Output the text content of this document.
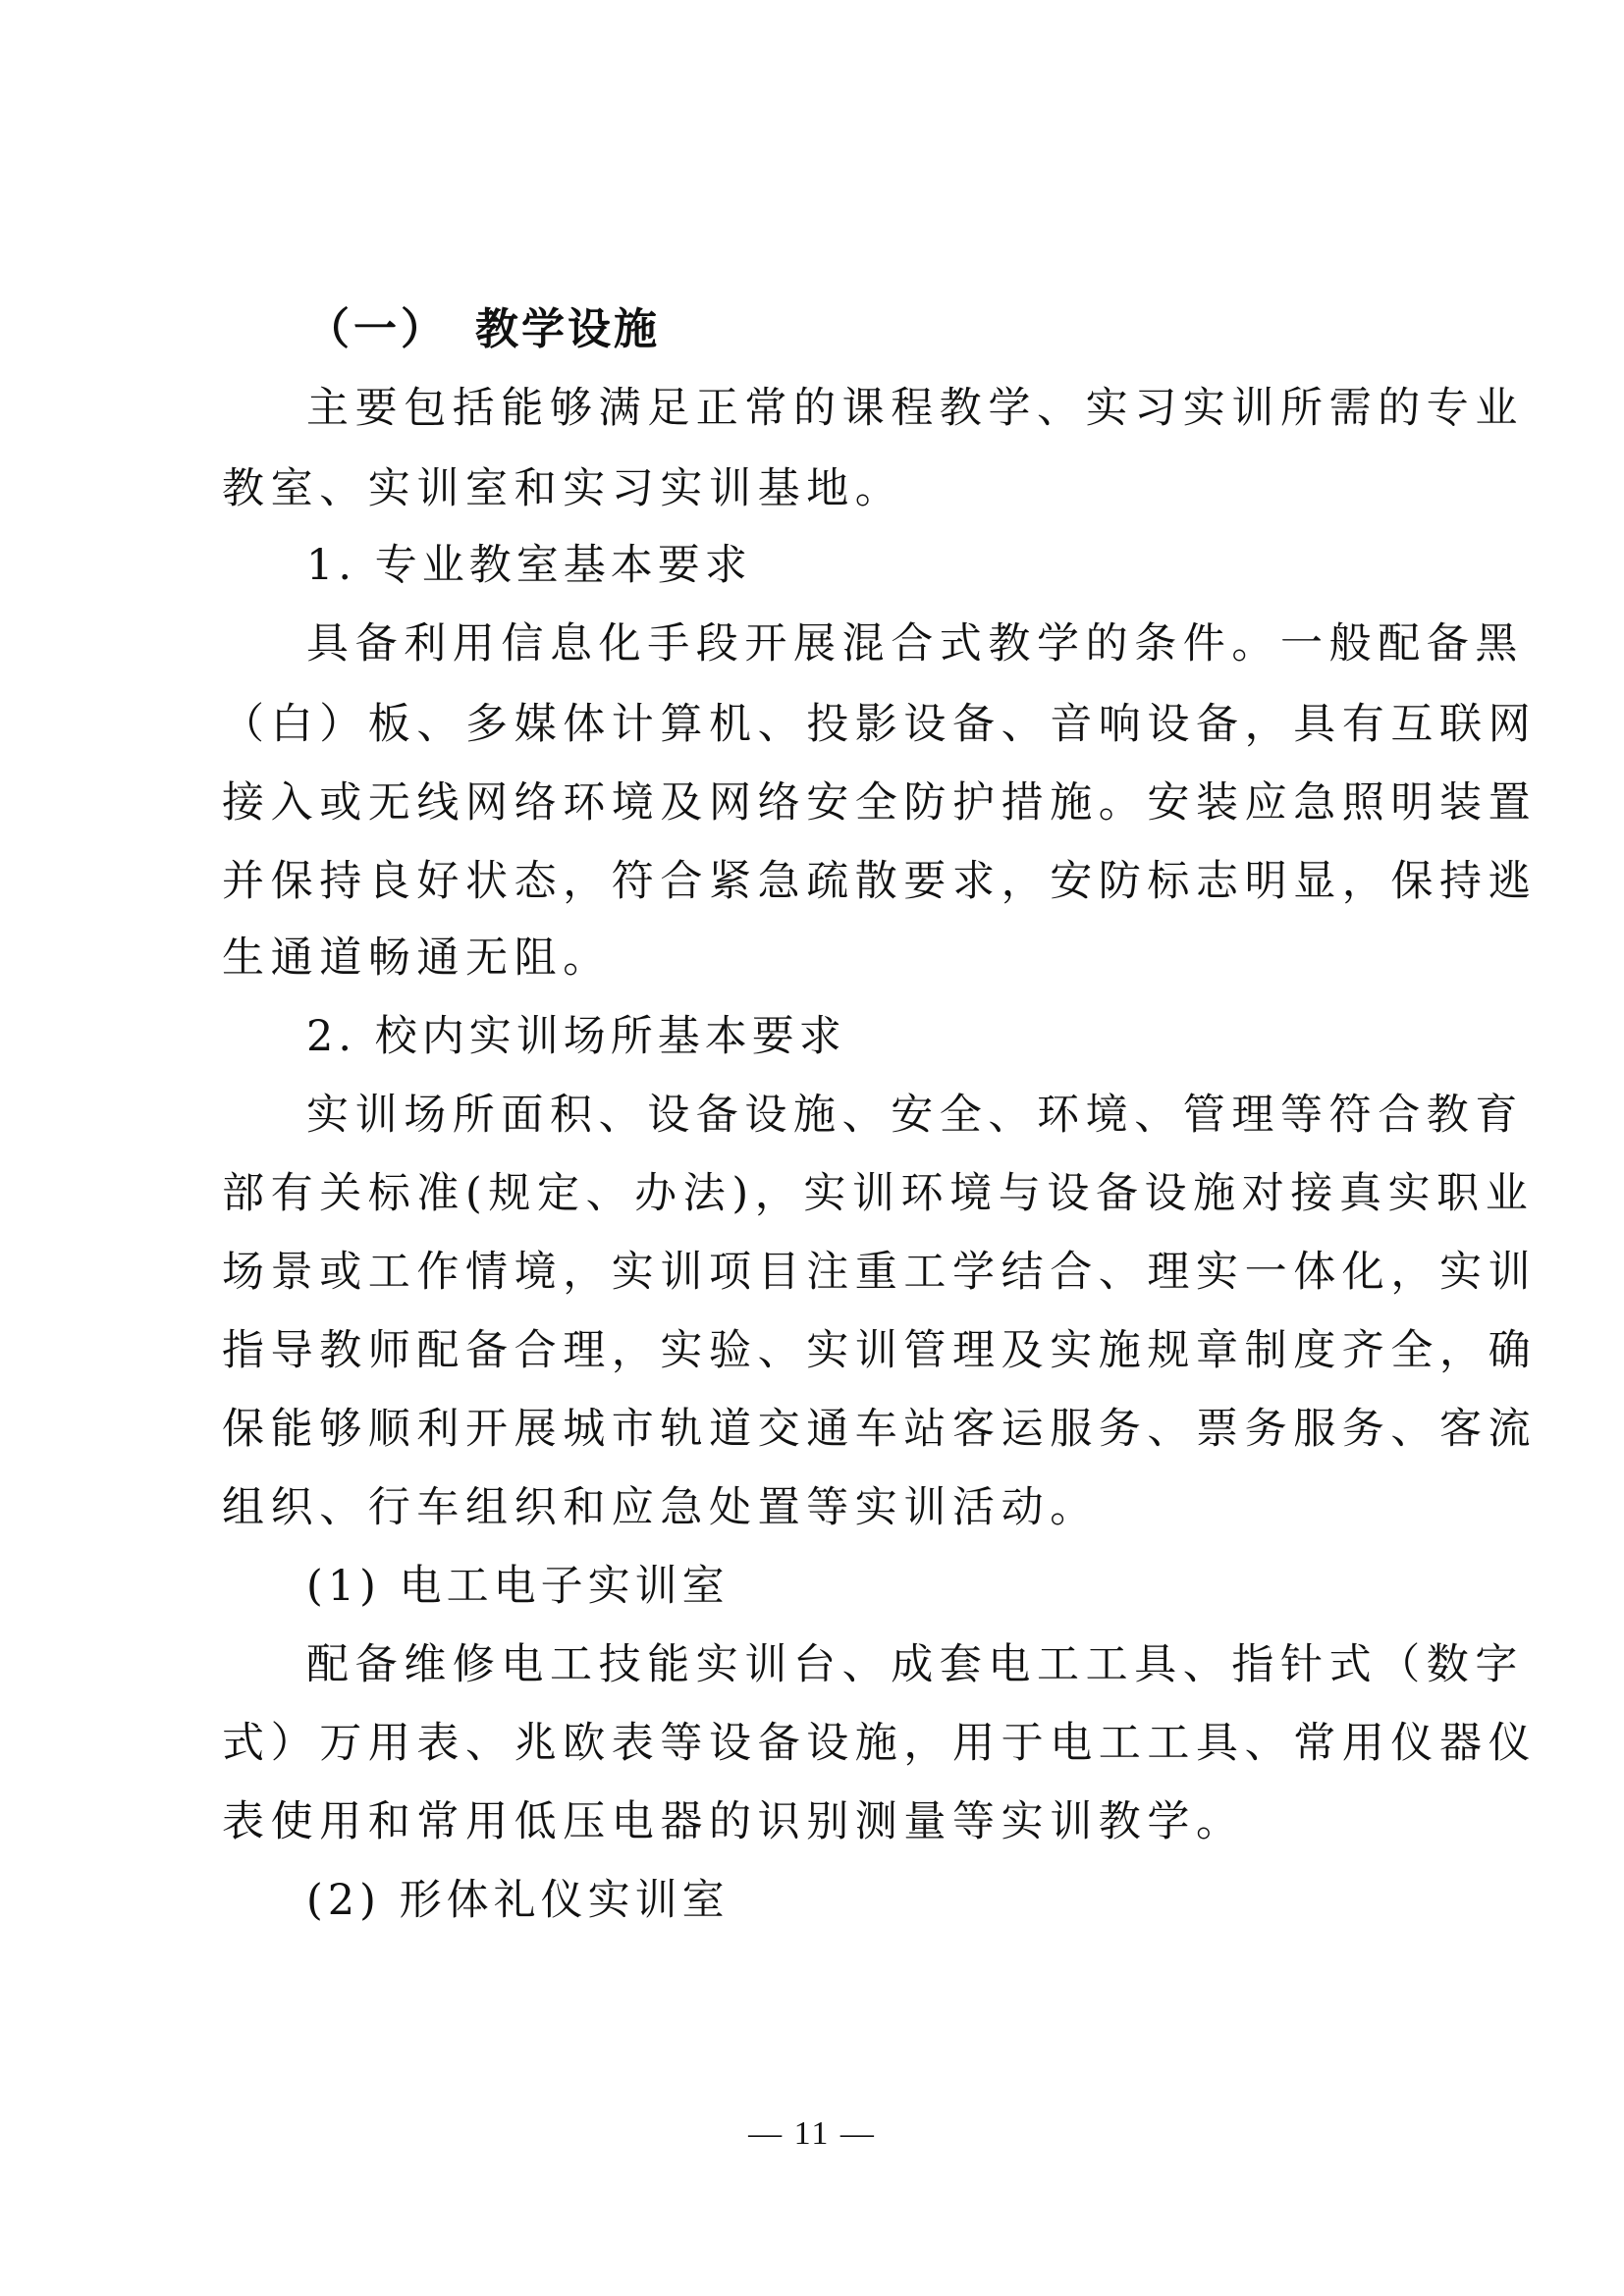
（一） 教学设施
主要包括能够满足正常的课程教学、实习实训所需的专业
教室、实训室和实习实训基地。
1. 专业教室基本要求
具备利用信息化手段开展混合式教学的条件。一般配备黑
（白）板、多媒体计算机、投影设备、音响设备，具有互联网
接入或无线网络环境及网络安全防护措施。安装应急照明装置
并保持良好状态，符合紧急疏散要求，安防标志明显，保持逃
生通道畅通无阻。
2. 校内实训场所基本要求
实训场所面积、设备设施、安全、环境、管理等符合教育
部有关标准(规定、办法)，实训环境与设备设施对接真实职业
场景或工作情境，实训项目注重工学结合、理实一体化，实训
指导教师配备合理，实验、实训管理及实施规章制度齐全，确
保能够顺利开展城市轨道交通车站客运服务、票务服务、客流
组织、行车组织和应急处置等实训活动。
(1) 电工电子实训室
配备维修电工技能实训台、成套电工工具、指针式（数字
式）万用表、兆欧表等设备设施，用于电工工具、常用仪器仪
表使用和常用低压电器的识别测量等实训教学。
(2) 形体礼仪实训室
— 11 —
